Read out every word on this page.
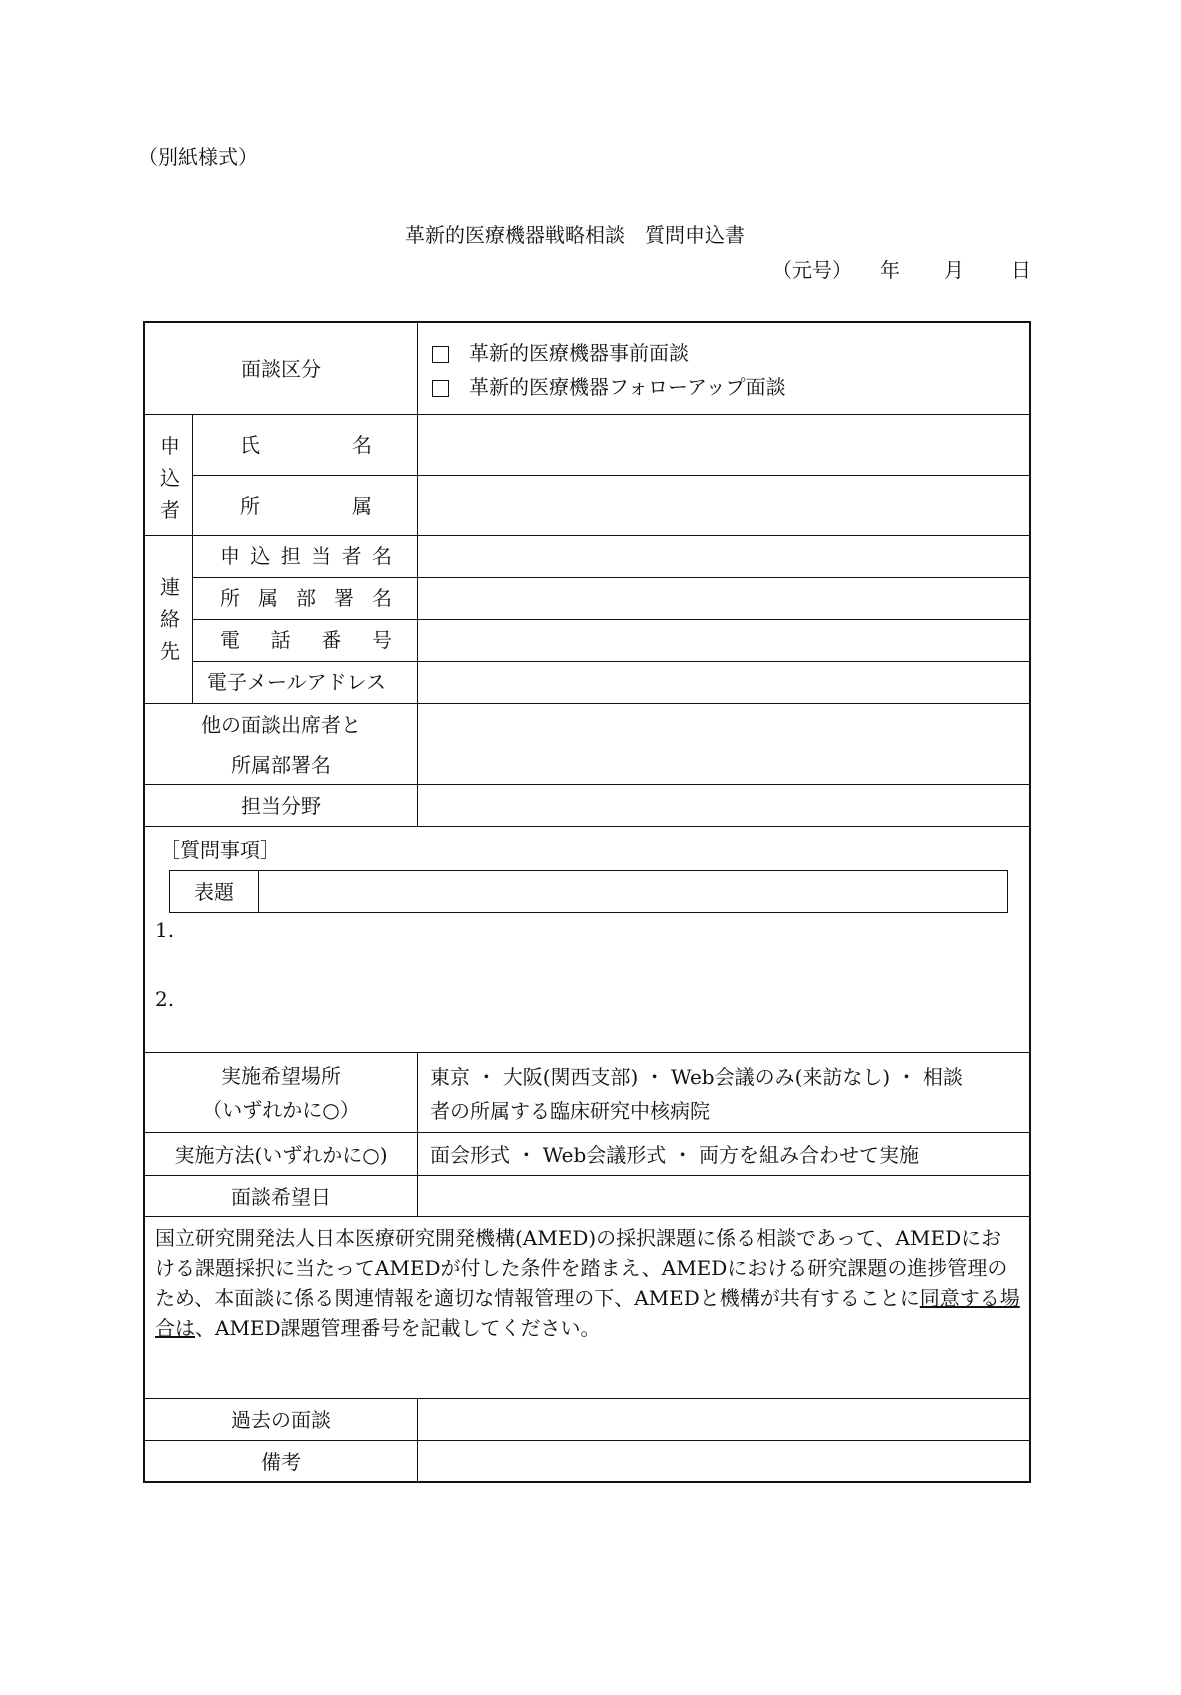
（別紙様式）
革新的医療機器戦略相談　質問申込書
（元号） 年 月 日
面談区分
革新的医療機器事前面談
革新的医療機器フォローアップ面談
申
込
者
氏	名
所	属
連
絡
先
申 込 担 当 者 名
所 属 部 署 名
電 話 番 号
電子メールアドレス
他の面談出席者と
所属部署名
担当分野
［質問事項］
表題
1.
2.
実施希望場所
（いずれかに○）
東京 ・ 大阪(関西支部) ・ Web会議のみ(来訪なし) ・ 相談
者の所属する臨床研究中核病院
実施方法(いずれかに○) 面会形式 ・ Web会議形式 ・ 両方を組み合わせて実施
面談希望日
国立研究開発法人日本医療研究開発機構(AMED)の採択課題に係る相談であって、AMEDにおける課題採択に当たってAMEDが付した条件を踏まえ、AMEDにおける研究課題の進捗管理のため、本面談に係る関連情報を適切な情報管理の下、AMEDと機構が共有することに同意する場合は、AMED課題管理番号を記載してください。
過去の面談
備考
